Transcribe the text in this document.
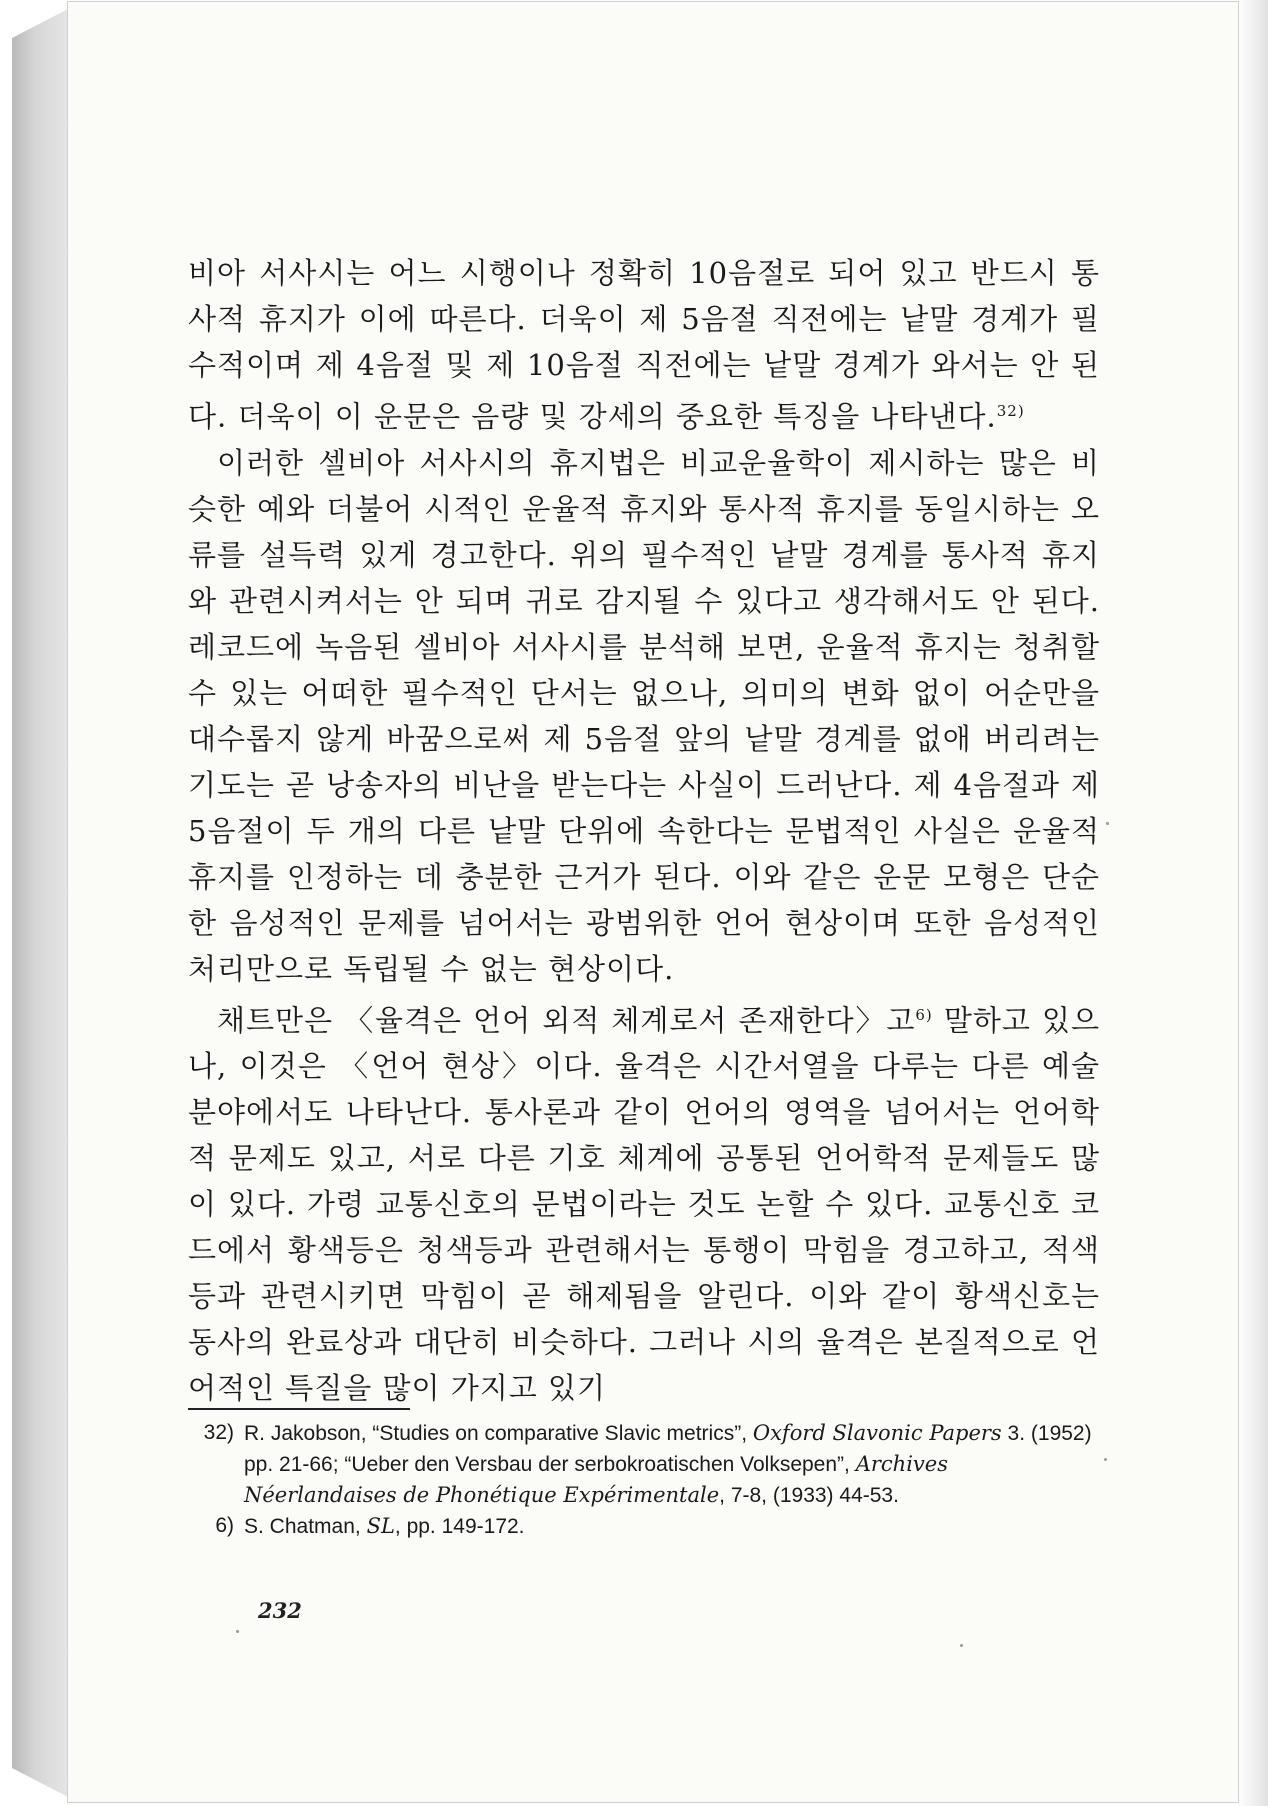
비아 서사시는 어느 시행이나 정확히 10음절로 되어 있고 반드시 통사적 휴지가 이에 따른다. 더욱이 제 5음절 직전에는 낱말 경계가 필수적이며 제 4음절 및 제 10음절 직전에는 낱말 경계가 와서는 안 된다. 더욱이 이 운문은 음량 및 강세의 중요한 특징을 나타낸다.$^{32)}$

이러한 셀비아 서사시의 휴지법은 비교운율학이 제시하는 많은 비슷한 예와 더불어 시적인 운율적 휴지와 통사적 휴지를 동일시하는 오류를 설득력 있게 경고한다. 위의 필수적인 낱말 경계를 통사적 휴지와 관련시켜서는 안 되며 귀로 감지될 수 있다고 생각해서도 안 된다. 레코드에 녹음된 셀비아 서사시를 분석해 보면, 운율적 휴지는 청취할 수 있는 어떠한 필수적인 단서는 없으나, 의미의 변화 없이 어순만을 대수롭지 않게 바꿈으로써 제 5음절 앞의 낱말 경계를 없애 버리려는 기도는 곧 낭송자의 비난을 받는다는 사실이 드러난다. 제 4음절과 제 5음절이 두 개의 다른 낱말 단위에 속한다는 문법적인 사실은 운율적 휴지를 인정하는 데 충분한 근거가 된다. 이와 같은 운문 모형은 단순한 음성적인 문제를 넘어서는 광범위한 언어 현상이며 또한 음성적인 처리만으로 독립될 수 없는 현상이다.

채트만은 〈율격은 언어 외적 체계로서 존재한다〉고$^{6)}$ 말하고 있으나, 이것은 〈언어 현상〉이다. 율격은 시간서열을 다루는 다른 예술 분야에서도 나타난다. 통사론과 같이 언어의 영역을 넘어서는 언어학적 문제도 있고, 서로 다른 기호 체계에 공통된 언어학적 문제들도 많이 있다. 가령 교통신호의 문법이라는 것도 논할 수 있다. 교통신호 코드에서 황색등은 청색등과 관련해서는 통행이 막힘을 경고하고, 적색등과 관련시키면 막힘이 곧 해제됨을 알린다. 이와 같이 황색신호는 동사의 완료상과 대단히 비슷하다. 그러나 시의 율격은 본질적으로 언어적인 특질을 많이 가지고 있기

32) R. Jakobson, “Studies on comparative Slavic metrics”, Oxford Slavonic Papers 3. (1952) pp. 21-66; “Ueber den Versbau der serbokroatischen Volksepen”, Archives Néerlandaises de Phonétique Expérimentale, 7-8, (1933) 44-53.
6) S. Chatman, SL, pp. 149-172.
232
